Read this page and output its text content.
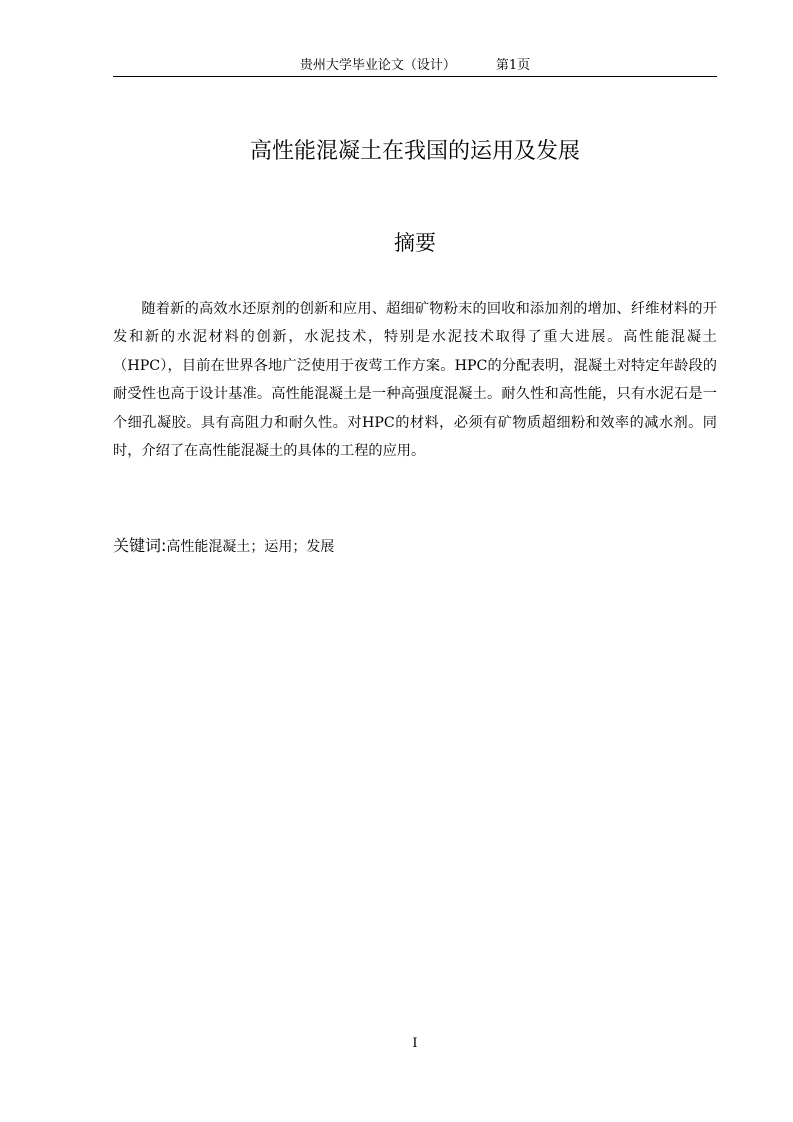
贵州大学毕业论文（设计）	第1页
高性能混凝土在我国的运用及发展
摘要

随着新的高效水还原剂的创新和应用、超细矿物粉末的回收和添加剂的增加、纤维材料的开发和新的水泥材料的创新，水泥技术，特别是水泥技术取得了重大进展。高性能混凝土（HPC），目前在世界各地广泛使用于夜莺工作方案。HPC的分配表明，混凝土对特定年龄段的耐受性也高于设计基准。高性能混凝土是一种高强度混凝土。耐久性和高性能，只有水泥石是一个细孔凝胶。具有高阻力和耐久性。对HPC的材料，必须有矿物质超细粉和效率的减水剂。同时，介绍了在高性能混凝土的具体的工程的应用。

关键词:高性能混凝土；运用；发展

I
